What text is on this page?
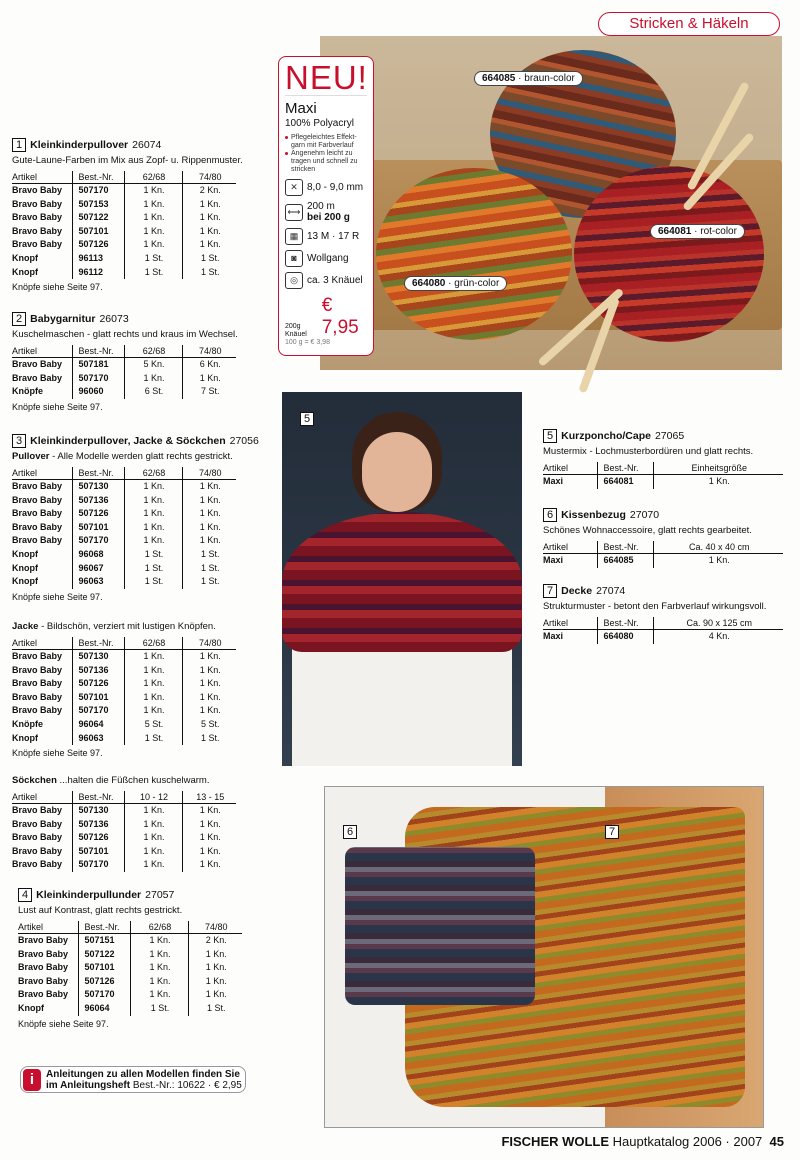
Stricken & Häkeln
664085 · braun-color
664081 · rot-color
664080 · grün-color
NEU!
Maxi
100% Polyacryl
Pflegeleichtes Effekt-garn mit Farbverlauf
Angenehm leicht zu tragen und schnell zu stricken
✕ 8,0 - 9,0 mm
⟷ 200 m
bei 200 g
▦ 13 M · 17 R
◙	Wollgang
◎ ca. 3 Knäuel
200g Knäuel
€ 7,95
100 g = € 3,98
5
6	7
1 Kleinkinderpullover 26074
Gute-Laune-Farben im Mix aus Zopf- u. Rippenmuster.
Artikel	Best.-Nr.	62/68	74/80
Bravo Baby	507170	1 Kn.	2 Kn.
Bravo Baby	507153	1 Kn.	1 Kn.
Bravo Baby	507122	1 Kn.	1 Kn.
Bravo Baby	507101	1 Kn.	1 Kn.
Bravo Baby	507126	1 Kn.	1 Kn.
Knopf	96113	1 St.	1 St.
Knopf	96112	1 St.	1 St.
Knöpfe siehe Seite 97.
2 Babygarnitur 26073
Kuschelmaschen - glatt rechts und kraus im Wechsel.
Artikel	Best.-Nr.	62/68	74/80
Bravo Baby	507181	5 Kn.	6 Kn.
Bravo Baby	507170	1 Kn.	1 Kn.
Knöpfe	96060	6 St.	7 St.
Knöpfe siehe Seite 97.
3 Kleinkinderpullover, Jacke & Söckchen 27056
Pullover - Alle Modelle werden glatt rechts gestrickt.
Artikel	Best.-Nr.	62/68	74/80
Bravo Baby	507130	1 Kn.	1 Kn.
Bravo Baby	507136	1 Kn.	1 Kn.
Bravo Baby	507126	1 Kn.	1 Kn.
Bravo Baby	507101	1 Kn.	1 Kn.
Bravo Baby	507170	1 Kn.	1 Kn.
Knopf	96068	1 St.	1 St.
Knopf	96067	1 St.	1 St.
Knopf	96063	1 St.	1 St.
Knöpfe siehe Seite 97.
Jacke - Bildschön, verziert mit lustigen Knöpfen.
Artikel	Best.-Nr.	62/68	74/80
Bravo Baby	507130	1 Kn.	1 Kn.
Bravo Baby	507136	1 Kn.	1 Kn.
Bravo Baby	507126	1 Kn.	1 Kn.
Bravo Baby	507101	1 Kn.	1 Kn.
Bravo Baby	507170	1 Kn.	1 Kn.
Knöpfe	96064	5 St.	5 St.
Knopf	96063	1 St.	1 St.
Knöpfe siehe Seite 97.
Söckchen ...halten die Füßchen kuschelwarm.
Artikel	Best.-Nr.	10 - 12	13 - 15
Bravo Baby	507130	1 Kn.	1 Kn.
Bravo Baby	507136	1 Kn.	1 Kn.
Bravo Baby	507126	1 Kn.	1 Kn.
Bravo Baby	507101	1 Kn.	1 Kn.
Bravo Baby	507170	1 Kn.	1 Kn.
4 Kleinkinderpullunder 27057
Lust auf Kontrast, glatt rechts gestrickt.
Artikel	Best.-Nr.	62/68	74/80
Bravo Baby	507151	1 Kn.	2 Kn.
Bravo Baby	507122	1 Kn.	1 Kn.
Bravo Baby	507101	1 Kn.	1 Kn.
Bravo Baby	507126	1 Kn.	1 Kn.
Bravo Baby	507170	1 Kn.	1 Kn.
Knopf	96064	1 St.	1 St.
Knöpfe siehe Seite 97.
5 Kurzponcho/Cape 27065
Mustermix - Lochmusterbordüren und glatt rechts.
Artikel	Best.-Nr.	Einheitsgröße
Maxi	664081	1 Kn.
6 Kissenbezug 27070
Schönes Wohnaccessoire, glatt rechts gearbeitet.
Artikel	Best.-Nr.	Ca. 40 x 40 cm
Maxi	664085	1 Kn.
7 Decke 27074
Strukturmuster - betont den Farbverlauf wirkungsvoll.
Artikel	Best.-Nr.	Ca. 90 x 125 cm
Maxi	664080	4 Kn.
i	Anleitungen zu allen Modellen finden Sie
im Anleitungsheft Best.-Nr.: 10622 · € 2,95
FISCHER WOLLE Hauptkatalog 2006 · 2007 45
